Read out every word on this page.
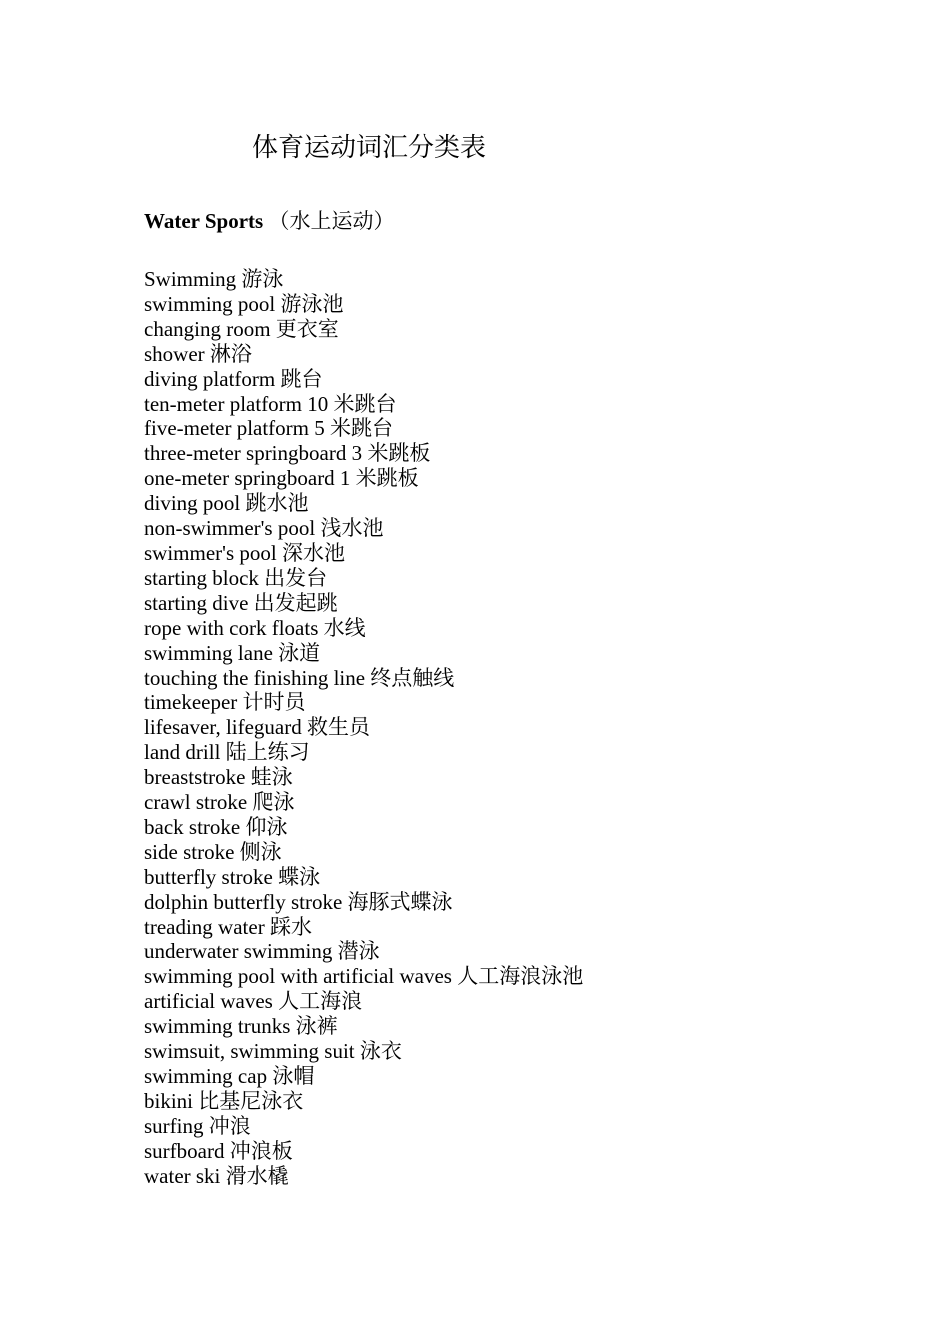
体育运动词汇分类表
Water Sports （水上运动）
Swimming 游泳
swimming pool 游泳池
changing room 更衣室
shower 淋浴
diving platform 跳台
ten-meter platform 10 米跳台
five-meter platform 5 米跳台
three-meter springboard 3 米跳板
one-meter springboard 1 米跳板
diving pool 跳水池
non-swimmer's pool 浅水池
swimmer's pool 深水池
starting block 出发台
starting dive 出发起跳
rope with cork floats 水线
swimming lane 泳道
touching the finishing line 终点触线
timekeeper 计时员
lifesaver, lifeguard 救生员
land drill 陆上练习
breaststroke 蛙泳
crawl stroke 爬泳
back stroke 仰泳
side stroke 侧泳
butterfly stroke 蝶泳
dolphin butterfly stroke 海豚式蝶泳
treading water 踩水
underwater swimming 潜泳
swimming pool with artificial waves 人工海浪泳池
artificial waves 人工海浪
swimming trunks 泳裤
swimsuit, swimming suit 泳衣
swimming cap 泳帽
bikini 比基尼泳衣
surfing 冲浪
surfboard 冲浪板
water ski 滑水橇
